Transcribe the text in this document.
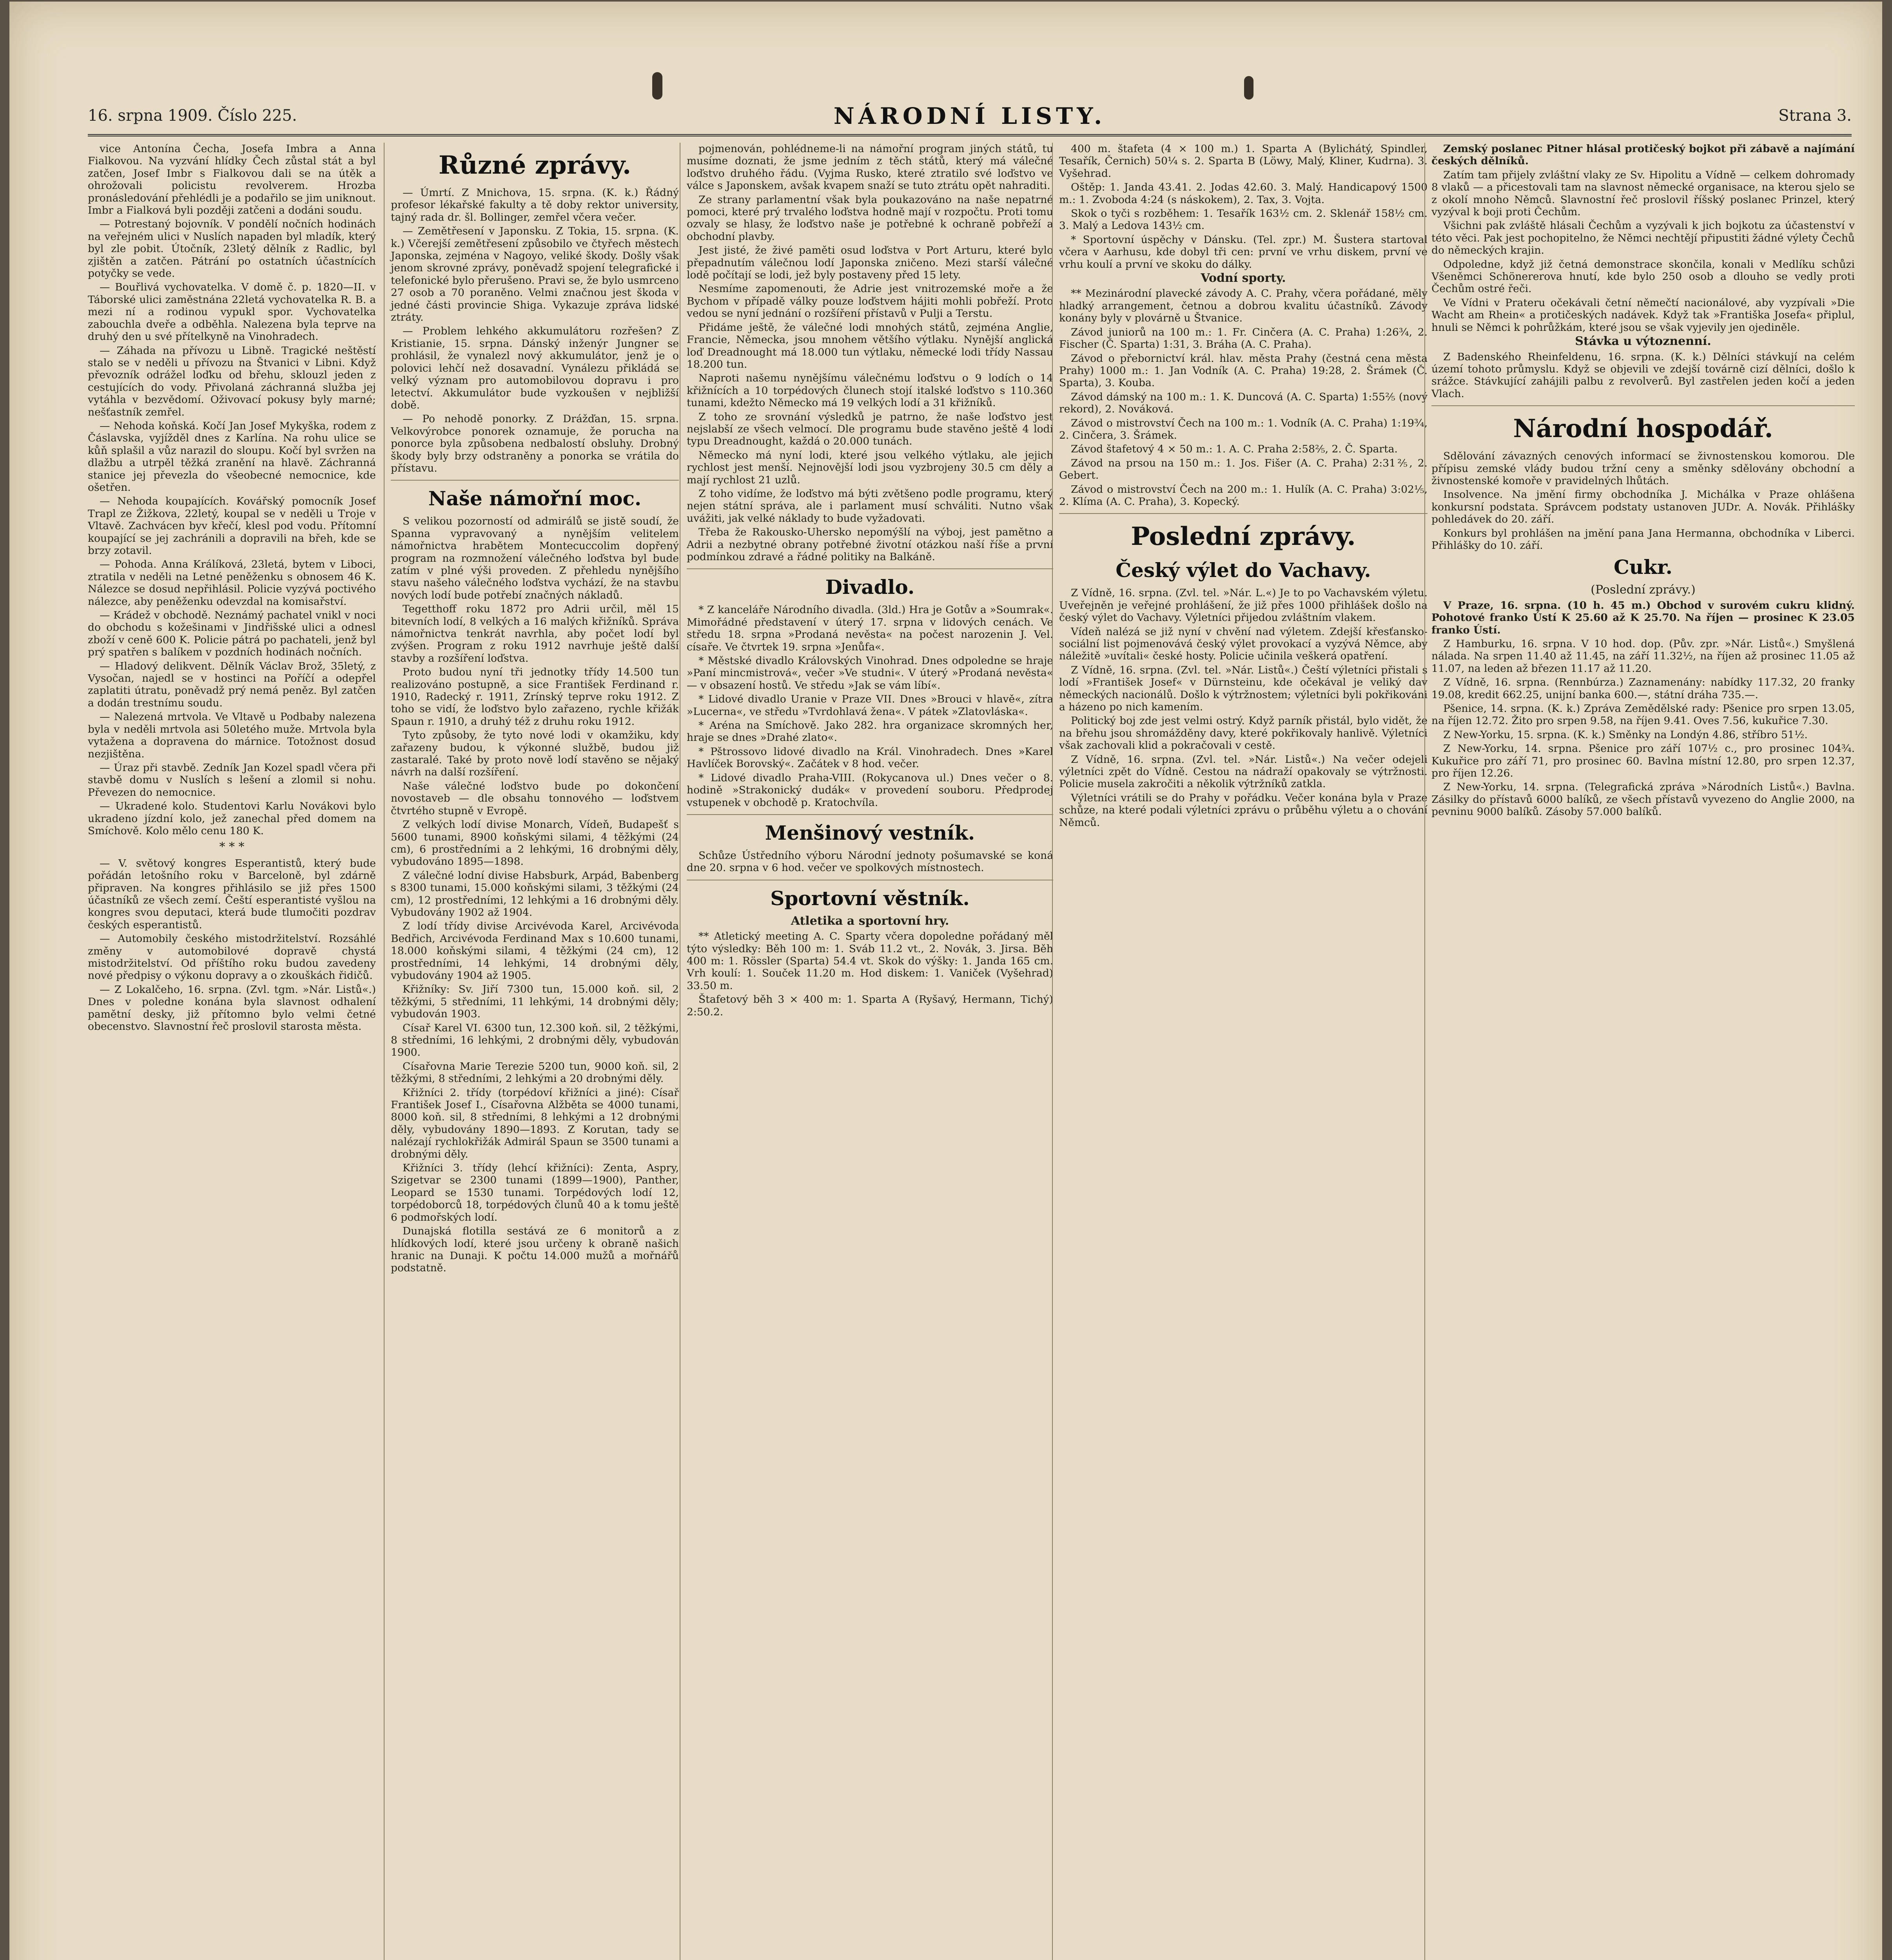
16. srpna 1909. Číslo 225.	NÁRODNÍ LISTY.	Strana 3.

vice Antonína Čecha, Josefa Imbra a Anna Fialkovou. Na vyzvání hlídky Čech zůstal stát a byl zatčen, Josef Imbr s Fialkovou dali se na útěk a ohrožovali policistu revolverem. Hrozba pronásledování přehlédli je a podařilo se jim uniknout. Imbr a Fialková byli později zatčeni a dodáni soudu.

— Potrestaný bojovník. V pondělí nočních hodinách na veřejném ulici v Nuslích napaden byl mladík, který byl zle pobit. Útočník, 23letý dělník z Radlic, byl zjištěn a zatčen. Pátrání po ostatních účastnících potyčky se vede.

— Bouřlivá vychovatelka. V domě č. p. 1820—II. v Táborské ulici zaměstnána 22letá vychovatelka R. B. a mezi ní a rodinou vypukl spor. Vychovatelka zabouchla dveře a odběhla. Nalezena byla teprve na druhý den u své přítelkyně na Vinohradech.

— Záhada na přívozu u Libně. Tragické neštěstí stalo se v neděli u přívozu na Štvanici v Libni. Když převozník odrážel loďku od břehu, sklouzl jeden z cestujících do vody. Přivolaná záchranná služba jej vytáhla v bezvědomí. Oživovací pokusy byly marné; nešťastník zemřel.

— Nehoda koňská. Kočí Jan Josef Mykyška, rodem z Čáslavska, vyjížděl dnes z Karlína. Na rohu ulice se kůň splašil a vůz narazil do sloupu. Kočí byl svržen na dlažbu a utrpěl těžká zranění na hlavě. Záchranná stanice jej převezla do všeobecné nemocnice, kde ošetřen.

— Nehoda koupajících. Kovářský pomocník Josef Trapl ze Žižkova, 22letý, koupal se v neděli u Troje v Vltavě. Zachvácen byv křečí, klesl pod vodu. Přítomní koupající se jej zachránili a dopravili na břeh, kde se brzy zotavil.

— Pohoda. Anna Králíková, 23letá, bytem v Liboci, ztratila v neděli na Letné peněženku s obnosem 46 K. Nálezce se dosud nepřihlásil. Policie vyzývá poctivého nálezce, aby peněženku odevzdal na komisařství.

— Krádež v obchodě. Neznámý pachatel vnikl v noci do obchodu s kožešinami v Jindřišské ulici a odnesl zboží v ceně 600 K. Policie pátrá po pachateli, jenž byl prý spatřen s balíkem v pozdních hodinách nočních.

— Hladový delikvent. Dělník Václav Brož, 35letý, z Vysočan, najedl se v hostinci na Poříčí a odepřel zaplatiti útratu, poněvadž prý nemá peněz. Byl zatčen a dodán trestnímu soudu.

— Nalezená mrtvola. Ve Vltavě u Podbaby nalezena byla v neděli mrtvola asi 50letého muže. Mrtvola byla vytažena a dopravena do márnice. Totožnost dosud nezjištěna.

— Úraz při stavbě. Zedník Jan Kozel spadl včera při stavbě domu v Nuslích s lešení a zlomil si nohu. Převezen do nemocnice.

— Ukradené kolo. Studentovi Karlu Novákovi bylo ukradeno jízdní kolo, jež zanechal před domem na Smíchově. Kolo mělo cenu 180 K.

* * *

— V. světový kongres Esperantistů, který bude pořádán letošního roku v Barceloně, byl zdárně připraven. Na kongres přihlásilo se již přes 1500 účastníků ze všech zemí. Čeští esperantisté vyšlou na kongres svou deputaci, která bude tlumočiti pozdrav českých esperantistů.

— Automobily českého mistodržitelství. Rozsáhlé změny v automobilové dopravě chystá mistodržitelství. Od příštího roku budou zavedeny nové předpisy o výkonu dopravy a o zkouškách řidičů.

— Z Lokalčeho, 16. srpna. (Zvl. tgm. »Nár. Listů«.) Dnes v poledne konána byla slavnost odhalení pamětní desky, již přítomno bylo velmi četné obecenstvo. Slavnostní řeč proslovil starosta města.

Různé zprávy.

— Úmrtí. Z Mnichova, 15. srpna. (K. k.) Řádný profesor lékařské fakulty a tě doby rektor university, tajný rada dr. šl. Bollinger, zemřel včera večer.

— Zemětřesení v Japonsku. Z Tokia, 15. srpna. (K. k.) Včerejší zemětřesení způsobilo ve čtyřech městech Japonska, zejména v Nagoyo, veliké škody. Došly však jenom skrovné zprávy, poněvadž spojení telegrafické i telefonické bylo přerušeno. Pravi se, že bylo usmrceno 27 osob a 70 poraněno. Velmi značnou jest škoda v jedné části provincie Shiga. Vykazuje zpráva lidské ztráty.

— Problem lehkého akkumulátoru rozřešen? Z Kristianie, 15. srpna. Dánský inženýr Jungner se prohlásil, že vynalezl nový akkumulátor, jenž je o polovici lehčí než dosavadní. Vynálezu přikládá se velký význam pro automobilovou dopravu i pro letectví. Akkumulátor bude vyzkoušen v nejbližší době.

— Po nehodě ponorky. Z Drážďan, 15. srpna. Velkovýrobce ponorek oznamuje, že porucha na ponorce byla způsobena nedbalostí obsluhy. Drobný škody byly brzy odstraněny a ponorka se vrátila do přístavu.

Naše námořní moc.

S velikou pozorností od admirálů se jistě soudí, že Spanna vypravovaný a nynějším velitelem námořnictva hrabětem Montecuccolim dopřený program na rozmnožení válečného loďstva byl bude zatím v plné výši proveden. Z přehledu nynějšího stavu našeho válečného loďstva vychází, že na stavbu nových lodí bude potřebí značných nákladů.

Tegetthoff roku 1872 pro Adrii určil, měl 15 bitevních lodí, 8 velkých a 16 malých křižníků. Správa námořnictva tenkrát navrhla, aby počet lodí byl zvýšen. Program z roku 1912 navrhuje ještě další stavby a rozšíření loďstva.

Proto budou nyní tři jednotky třídy 14.500 tun realizováno postupně, a sice František Ferdinand r. 1910, Radecký r. 1911, Zrínský teprve roku 1912. Z toho se vidí, že loďstvo bylo zařazeno, rychle křižák Spaun r. 1910, a druhý též z druhu roku 1912.

Tyto způsoby, že tyto nové lodi v okamžiku, kdy zařazeny budou, k výkonné službě, budou již zastaralé. Také by proto nově lodí stavěno se nějaký návrh na další rozšíření.

Naše válečné loďstvo bude po dokončení novostaveb — dle obsahu tonnového — loďstvem čtvrtého stupně v Evropě.

Z velkých lodí divise Monarch, Vídeň, Budapešť s 5600 tunami, 8900 koňskými silami, 4 těžkými (24 cm), 6 prostředními a 2 lehkými, 16 drobnými děly, vybudováno 1895—1898.

Z válečné lodní divise Habsburk, Arpád, Babenberg s 8300 tunami, 15.000 koňskými silami, 3 těžkými (24 cm), 12 prostředními, 12 lehkými a 16 drobnými děly. Vybudovány 1902 až 1904.

Z lodí třídy divise Arcivévoda Karel, Arcivévoda Bedřich, Arcivévoda Ferdinand Max s 10.600 tunami, 18.000 koňskými silami, 4 těžkými (24 cm), 12 prostředními, 14 lehkými, 14 drobnými děly, vybudovány 1904 až 1905.

Křižníky: Sv. Jiří 7300 tun, 15.000 koň. sil, 2 těžkými, 5 středními, 11 lehkými, 14 drobnými děly; vybudován 1903.

Císař Karel VI. 6300 tun, 12.300 koň. sil, 2 těžkými, 8 středními, 16 lehkými, 2 drobnými děly, vybudován 1900.

Císařovna Marie Terezie 5200 tun, 9000 koň. sil, 2 těžkými, 8 středními, 2 lehkými a 20 drobnými děly.

Křižníci 2. třídy (torpédoví křižníci a jiné): Císař František Josef I., Císařovna Alžběta se 4000 tunami, 8000 koň. sil, 8 středními, 8 lehkými a 12 drobnými děly, vybudovány 1890—1893. Z Korutan, tady se nalézají rychlokřižák Admirál Spaun se 3500 tunami a drobnými děly.

Křižníci 3. třídy (lehcí křižníci): Zenta, Aspry, Szigetvar se 2300 tunami (1899—1900), Panther, Leopard se 1530 tunami. Torpédových lodí 12, torpédoborců 18, torpédových člunů 40 a k tomu ještě 6 podmořských lodí.

Dunajská flotilla sestává ze 6 monitorů a z hlídkových lodí, které jsou určeny k obraně našich hranic na Dunaji. K počtu 14.000 mužů a mořnářů podstatně.

pojmenován, pohlédneme-li na námořní program jiných států, tu musíme doznati, že jsme jedním z těch států, který má válečné loďstvo druhého řádu. (Vyjma Rusko, které ztratilo své loďstvo ve válce s Japonskem, avšak kvapem snaží se tuto ztrátu opět nahraditi.

Ze strany parlamentní však byla poukazováno na naše nepatrné pomoci, které prý trvalého loďstva hodně mají v rozpočtu. Proti tomu ozvaly se hlasy, že loďstvo naše je potřebné k ochraně pobřeží a obchodní plavby.

Jest jisté, že živé paměti osud loďstva v Port Arturu, které bylo přepadnutím válečnou lodí Japonska zničeno. Mezi starší válečné lodě počítají se lodi, jež byly postaveny před 15 lety.

Nesmíme zapomenouti, že Adrie jest vnitrozemské moře a že Bychom v případě války pouze loďstvem hájiti mohli pobřeží. Proto vedou se nyní jednání o rozšíření přístavů v Pulji a Terstu.

Přidáme ještě, že válečné lodi mnohých států, zejména Anglie, Francie, Německa, jsou mnohem většího výtlaku. Nynější anglická loď Dreadnought má 18.000 tun výtlaku, německé lodi třídy Nassau 18.200 tun.

Naproti našemu nynějšímu válečnému loďstvu o 9 lodích o 14 křižnících a 10 torpédových člunech stojí italské loďstvo s 110.360 tunami, kdežto Německo má 19 velkých lodí a 31 křižníků.

Z toho ze srovnání výsledků je patrno, že naše loďstvo jest nejslabší ze všech velmocí. Dle programu bude stavěno ještě 4 lodi typu Dreadnought, každá o 20.000 tunách.

Německo má nyní lodi, které jsou velkého výtlaku, ale jejich rychlost jest menší. Nejnovější lodi jsou vyzbrojeny 30.5 cm děly a mají rychlost 21 uzlů.

Z toho vidíme, že loďstvo má býti zvětšeno podle programu, který nejen státní správa, ale i parlament musí schváliti. Nutno však uvážiti, jak velké náklady to bude vyžadovati.

Třeba že Rakousko-Uhersko nepomýšlí na výboj, jest pamětno a Adrii a nezbytné obrany potřebné životní otázkou naší říše a první podmínkou zdravé a řádné politiky na Balkáně.

Divadlo.

* Z kanceláře Národního divadla. (3ld.) Hra je Gotův a »Soumrak«. Mimořádné představení v úterý 17. srpna v lidových cenách. Ve středu 18. srpna »Prodaná nevěsta« na počest narozenin J. Vel. císaře. Ve čtvrtek 19. srpna »Jenůfa«.

* Městské divadlo Královských Vinohrad. Dnes odpoledne se hraje »Paní mincmistrová«, večer »Ve studni«. V úterý »Prodaná nevěsta« — v obsazení hostů. Ve středu »Jak se vám líbí«.

* Lidové divadlo Uranie v Praze VII. Dnes »Brouci v hlavě«, zítra »Lucerna«, ve středu »Tvrdohlavá žena«. V pátek »Zlatovláska«.

* Aréna na Smíchově. Jako 282. hra organizace skromných her, hraje se dnes »Drahé zlato«.

* Pštrossovo lidové divadlo na Král. Vinohradech. Dnes »Karel Havlíček Borovský«. Začátek v 8 hod. večer.

* Lidové divadlo Praha-VIII. (Rokycanova ul.) Dnes večer o 8. hodině »Strakonický dudák« v provedení souboru. Předprodej vstupenek v obchodě p. Kratochvíla.

Menšinový vestník.

Schůze Ústředního výboru Národní jednoty pošumavské se koná dne 20. srpna v 6 hod. večer ve spolkových místnostech.

Sportovní věstník.
Atletika a sportovní hry.

** Atletický meeting A. C. Sparty včera dopoledne pořádaný měl týto výsledky: Běh 100 m: 1. Sváb 11.2 vt., 2. Novák, 3. Jirsa. Běh 400 m: 1. Rössler (Sparta) 54.4 vt. Skok do výšky: 1. Janda 165 cm. Vrh koulí: 1. Souček 11.20 m. Hod diskem: 1. Vaniček (Vyšehrad) 33.50 m.

Štafetový běh 3 × 400 m: 1. Sparta A (Ryšavý, Hermann, Tichý) 2:50.2.

400 m. štafeta (4 × 100 m.) 1. Sparta A (Bylichátý, Spindler, Tesařík, Černich) 50¼ s. 2. Sparta B (Löwy, Malý, Kliner, Kudrna). 3. Vyšehrad.

Oštěp: 1. Janda 43.41. 2. Jodas 42.60. 3. Malý. Handicapový 1500 m.: 1. Zvoboda 4:24 (s náskokem), 2. Tax, 3. Vojta.

Skok o tyči s rozběhem: 1. Tesařík 163½ cm. 2. Sklenář 158½ cm. 3. Malý a Ledova 143½ cm.

* Sportovní úspěchy v Dánsku. (Tel. zpr.) M. Šustera startoval včera v Aarhusu, kde dobyl tři cen: první ve vrhu diskem, první ve vrhu koulí a první ve skoku do dálky.

Vodní sporty.

** Mezinárodní plavecké závody A. C. Prahy, včera pořádané, měly hladký arrangement, četnou a dobrou kvalitu účastníků. Závody konány byly v plovárně u Štvanice.

Závod juniorů na 100 m.: 1. Fr. Cinčera (A. C. Praha) 1:26¾, 2. Fischer (Č. Sparta) 1:31, 3. Bráha (A. C. Praha).

Závod o přebornictví král. hlav. města Prahy (čestná cena města Prahy) 1000 m.: 1. Jan Vodník (A. C. Praha) 19:28, 2. Šrámek (Č. Sparta), 3. Kouba.

Závod dámský na 100 m.: 1. K. Duncová (A. C. Sparta) 1:55⅖ (nový rekord), 2. Nováková.

Závod o mistrovství Čech na 100 m.: 1. Vodník (A. C. Praha) 1:19¾, 2. Cinčera, 3. Šrámek.

Závod štafetový 4 × 50 m.: 1. A. C. Praha 2:58⅖, 2. Č. Sparta.

Závod na prsou na 150 m.: 1. Jos. Fišer (A. C. Praha) 2:31⅖, 2. Gebert.

Závod o mistrovství Čech na 200 m.: 1. Hulík (A. C. Praha) 3:02⅕, 2. Klíma (A. C. Praha), 3. Kopecký.

Poslední zprávy.
Český výlet do Vachavy.

Z Vídně, 16. srpna. (Zvl. tel. »Nár. L.«) Je to po Vachavském výletu. Uveřejněn je veřejné prohlášení, že již přes 1000 přihlášek došlo na český výlet do Vachavy. Výletníci přijedou zvláštním vlakem.

Vídeň nalézá se již nyní v chvění nad výletem. Zdejší křesťansko-sociální list pojmenovává český výlet provokací a vyzývá Němce, aby náležitě »uvítali« české hosty. Policie učinila veškerá opatření.

Z Vídně, 16. srpna. (Zvl. tel. »Nár. Listů«.) Čeští výletníci přistali s lodí »František Josef« v Dürnsteinu, kde očekával je veliký dav německých nacionálů. Došlo k výtržnostem; výletníci byli pokřikováni a házeno po nich kamením.

Politický boj zde jest velmi ostrý. Když parník přistál, bylo vidět, že na břehu jsou shromážděny davy, které pokřikovaly hanlivě. Výletníci však zachovali klid a pokračovali v cestě.

Z Vídně, 16. srpna. (Zvl. tel. »Nár. Listů«.) Na večer odejeli výletníci zpět do Vídně. Cestou na nádraží opakovaly se výtržnosti. Policie musela zakročiti a několik výtržníků zatkla.

Výletníci vrátili se do Prahy v pořádku. Večer konána byla v Praze schůze, na které podali výletníci zprávu o průběhu výletu a o chování Němců.

Zemský poslanec Pitner hlásal protičeský bojkot při zábavě a najímání českých dělníků.

Zatím tam přijely zvláštní vlaky ze Sv. Hipolitu a Vídně — celkem dohromady 8 vlaků — a přicestovali tam na slavnost německé organisace, na kterou sjelo se z okolí mnoho Němců. Slavnostní řeč proslovil říšský poslanec Prinzel, který vyzýval k boji proti Čechům.

Všichni pak zvláště hlásali Čechům a vyzývali k jich bojkotu za účastenství v této věci. Pak jest pochopitelno, že Němci nechtějí připustiti žádné výlety Čechů do německých krajin.

Odpoledne, když již četná demonstrace skončila, konali v Medlíku schůzi Všeněmci Schönererova hnutí, kde bylo 250 osob a dlouho se vedly proti Čechům ostré řeči.

Ve Vídni v Prateru očekávali četní němečtí nacionálové, aby vyzpívali »Die Wacht am Rhein« a protičeských nadávek. Když tak »Františka Josefa« připlul, hnuli se Němci k pohrůžkám, které jsou se však vyjevily jen ojediněle.

Stávka u výtoznenní.

Z Badenského Rheinfeldenu, 16. srpna. (K. k.) Dělníci stávkují na celém území tohoto průmyslu. Když se objevili ve zdejší továrně cizí dělníci, došlo k srážce. Stávkující zahájili palbu z revolverů. Byl zastřelen jeden kočí a jeden Vlach.

Národní hospodář.

Sdělování závazných cenových informací se živnostenskou komorou. Dle přípisu zemské vlády budou tržní ceny a směnky sdělovány obchodní a živnostenské komoře v pravidelných lhůtách.

Insolvence. Na jmění firmy obchodníka J. Michálka v Praze ohlášena konkursní podstata. Správcem podstaty ustanoven JUDr. A. Novák. Přihlášky pohledávek do 20. září.

Konkurs byl prohlášen na jmění pana Jana Hermanna, obchodníka v Liberci. Přihlášky do 10. září.

Cukr.
(Poslední zprávy.)

V Praze, 16. srpna. (10 h. 45 m.) Obchod v surovém cukru klidný. Pohotové franko Ústí K 25.60 až K 25.70. Na říjen — prosinec K 23.05 franko Ústí.

Z Hamburku, 16. srpna. V 10 hod. dop. (Pův. zpr. »Nár. Listů«.) Smyšlená nálada. Na srpen 11.40 až 11.45, na září 11.32½, na říjen až prosinec 11.05 až 11.07, na leden až březen 11.17 až 11.20.

Z Vídně, 16. srpna. (Rennbúrza.) Zaznamenány: nabídky 117.32, 20 franky 19.08, kredit 662.25, unijní banka 600.—, státní dráha 735.—.

Pšenice, 14. srpna. (K. k.) Zpráva Zemědělské rady: Pšenice pro srpen 13.05, na říjen 12.72. Žito pro srpen 9.58, na říjen 9.41. Oves 7.56, kukuřice 7.30.

Z New-Yorku, 15. srpna. (K. k.) Směnky na Londýn 4.86, stříbro 51½.

Z New-Yorku, 14. srpna. Pšenice pro září 107½ c., pro prosinec 104¾. Kukuřice pro září 71, pro prosinec 60. Bavlna místní 12.80, pro srpen 12.37, pro říjen 12.26.

Z New-Yorku, 14. srpna. (Telegrafická zpráva »Národních Listů«.) Bavlna. Zásilky do přístavů 6000 balíků, ze všech přístavů vyvezeno do Anglie 2000, na pevninu 9000 balíků. Zásoby 57.000 balíků.
